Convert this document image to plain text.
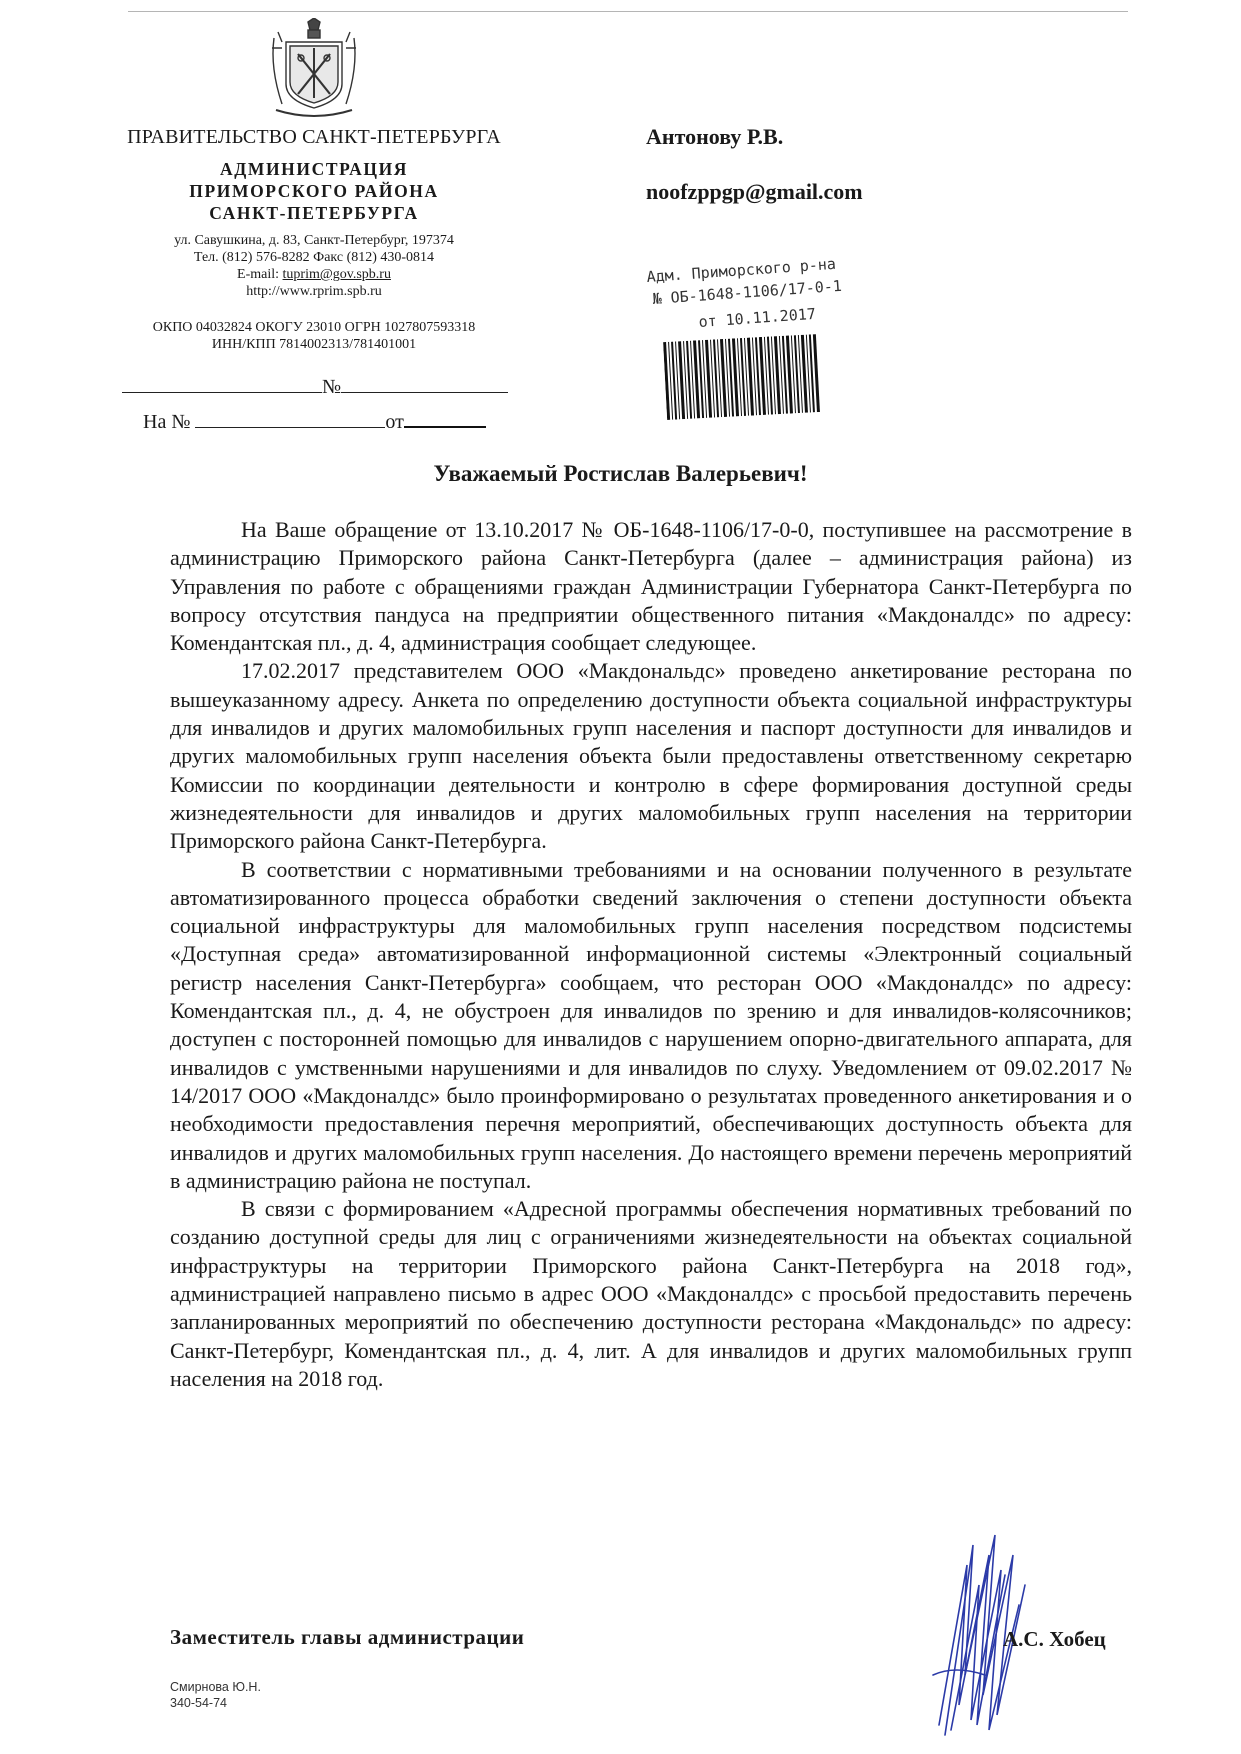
ПРАВИТЕЛЬСТВО САНКТ-ПЕТЕРБУРГА
АДМИНИСТРАЦИЯ
ПРИМОРСКОГО РАЙОНА
САНКТ-ПЕТЕРБУРГА
ул. Савушкина, д. 83, Санкт-Петербург, 197374
Тел. (812) 576-8282 Факс (812) 430-0814
E-mail: tuprim@gov.spb.ru
http://www.rprim.spb.ru
ОКПО 04032824 ОКОГУ 23010 ОГРН 1027807593318
ИНН/КПП 7814002313/781401001
№
На №	от
Антонову Р.В.
noofzppgp@gmail.com
Адм. Приморского р-на
№ ОБ-1648-1106/17-0-1
от 10.11.2017
Уважаемый Ростислав Валерьевич!

На Ваше обращение от 13.10.2017 № ОБ-1648-1106/17-0-0, поступившее на рассмотрение в администрацию Приморского района Санкт-Петербурга (далее – администрация района) из Управления по работе с обращениями граждан Администрации Губернатора Санкт-Петербурга по вопросу отсутствия пандуса на предприятии общественного питания «Макдоналдс» по адресу: Комендантская пл., д. 4, администрация сообщает следующее.

17.02.2017 представителем ООО «Макдональдс» проведено анкетирование ресторана по вышеуказанному адресу. Анкета по определению доступности объекта социальной инфраструктуры для инвалидов и других маломобильных групп населения и паспорт доступности для инвалидов и других маломобильных групп населения объекта были предоставлены ответственному секретарю Комиссии по координации деятельности и контролю в сфере формирования доступной среды жизнедеятельности для инвалидов и других маломобильных групп населения на территории Приморского района Санкт-Петербурга.

В соответствии с нормативными требованиями и на основании полученного в результате автоматизированного процесса обработки сведений заключения о степени доступности объекта социальной инфраструктуры для маломобильных групп населения посредством подсистемы «Доступная среда» автоматизированной информационной системы «Электронный социальный регистр населения Санкт-Петербурга» сообщаем, что ресторан ООО «Макдоналдс» по адресу: Комендантская пл., д. 4, не обустроен для инвалидов по зрению и для инвалидов-колясочников; доступен с посторонней помощью для инвалидов с нарушением опорно-двигательного аппарата, для инвалидов с умственными нарушениями и для инвалидов по слуху. Уведомлением от 09.02.2017 № 14/2017 ООО «Макдоналдс» было проинформировано о результатах проведенного анкетирования и о необходимости предоставления перечня мероприятий, обеспечивающих доступность объекта для инвалидов и других маломобильных групп населения. До настоящего времени перечень мероприятий в администрацию района не поступал.

В связи с формированием «Адресной программы обеспечения нормативных требований по созданию доступной среды для лиц с ограничениями жизнедеятельности на объектах социальной инфраструктуры на территории Приморского района Санкт-Петербурга на 2018 год», администрацией направлено письмо в адрес ООО «Макдоналдс» с просьбой предоставить перечень запланированных мероприятий по обеспечению доступности ресторана «Макдональдс» по адресу: Санкт-Петербург, Комендантская пл., д. 4, лит. А для инвалидов и других маломобильных групп населения на 2018 год.

Заместитель главы администрации	А.С. Хобец
Смирнова Ю.Н.
340-54-74
